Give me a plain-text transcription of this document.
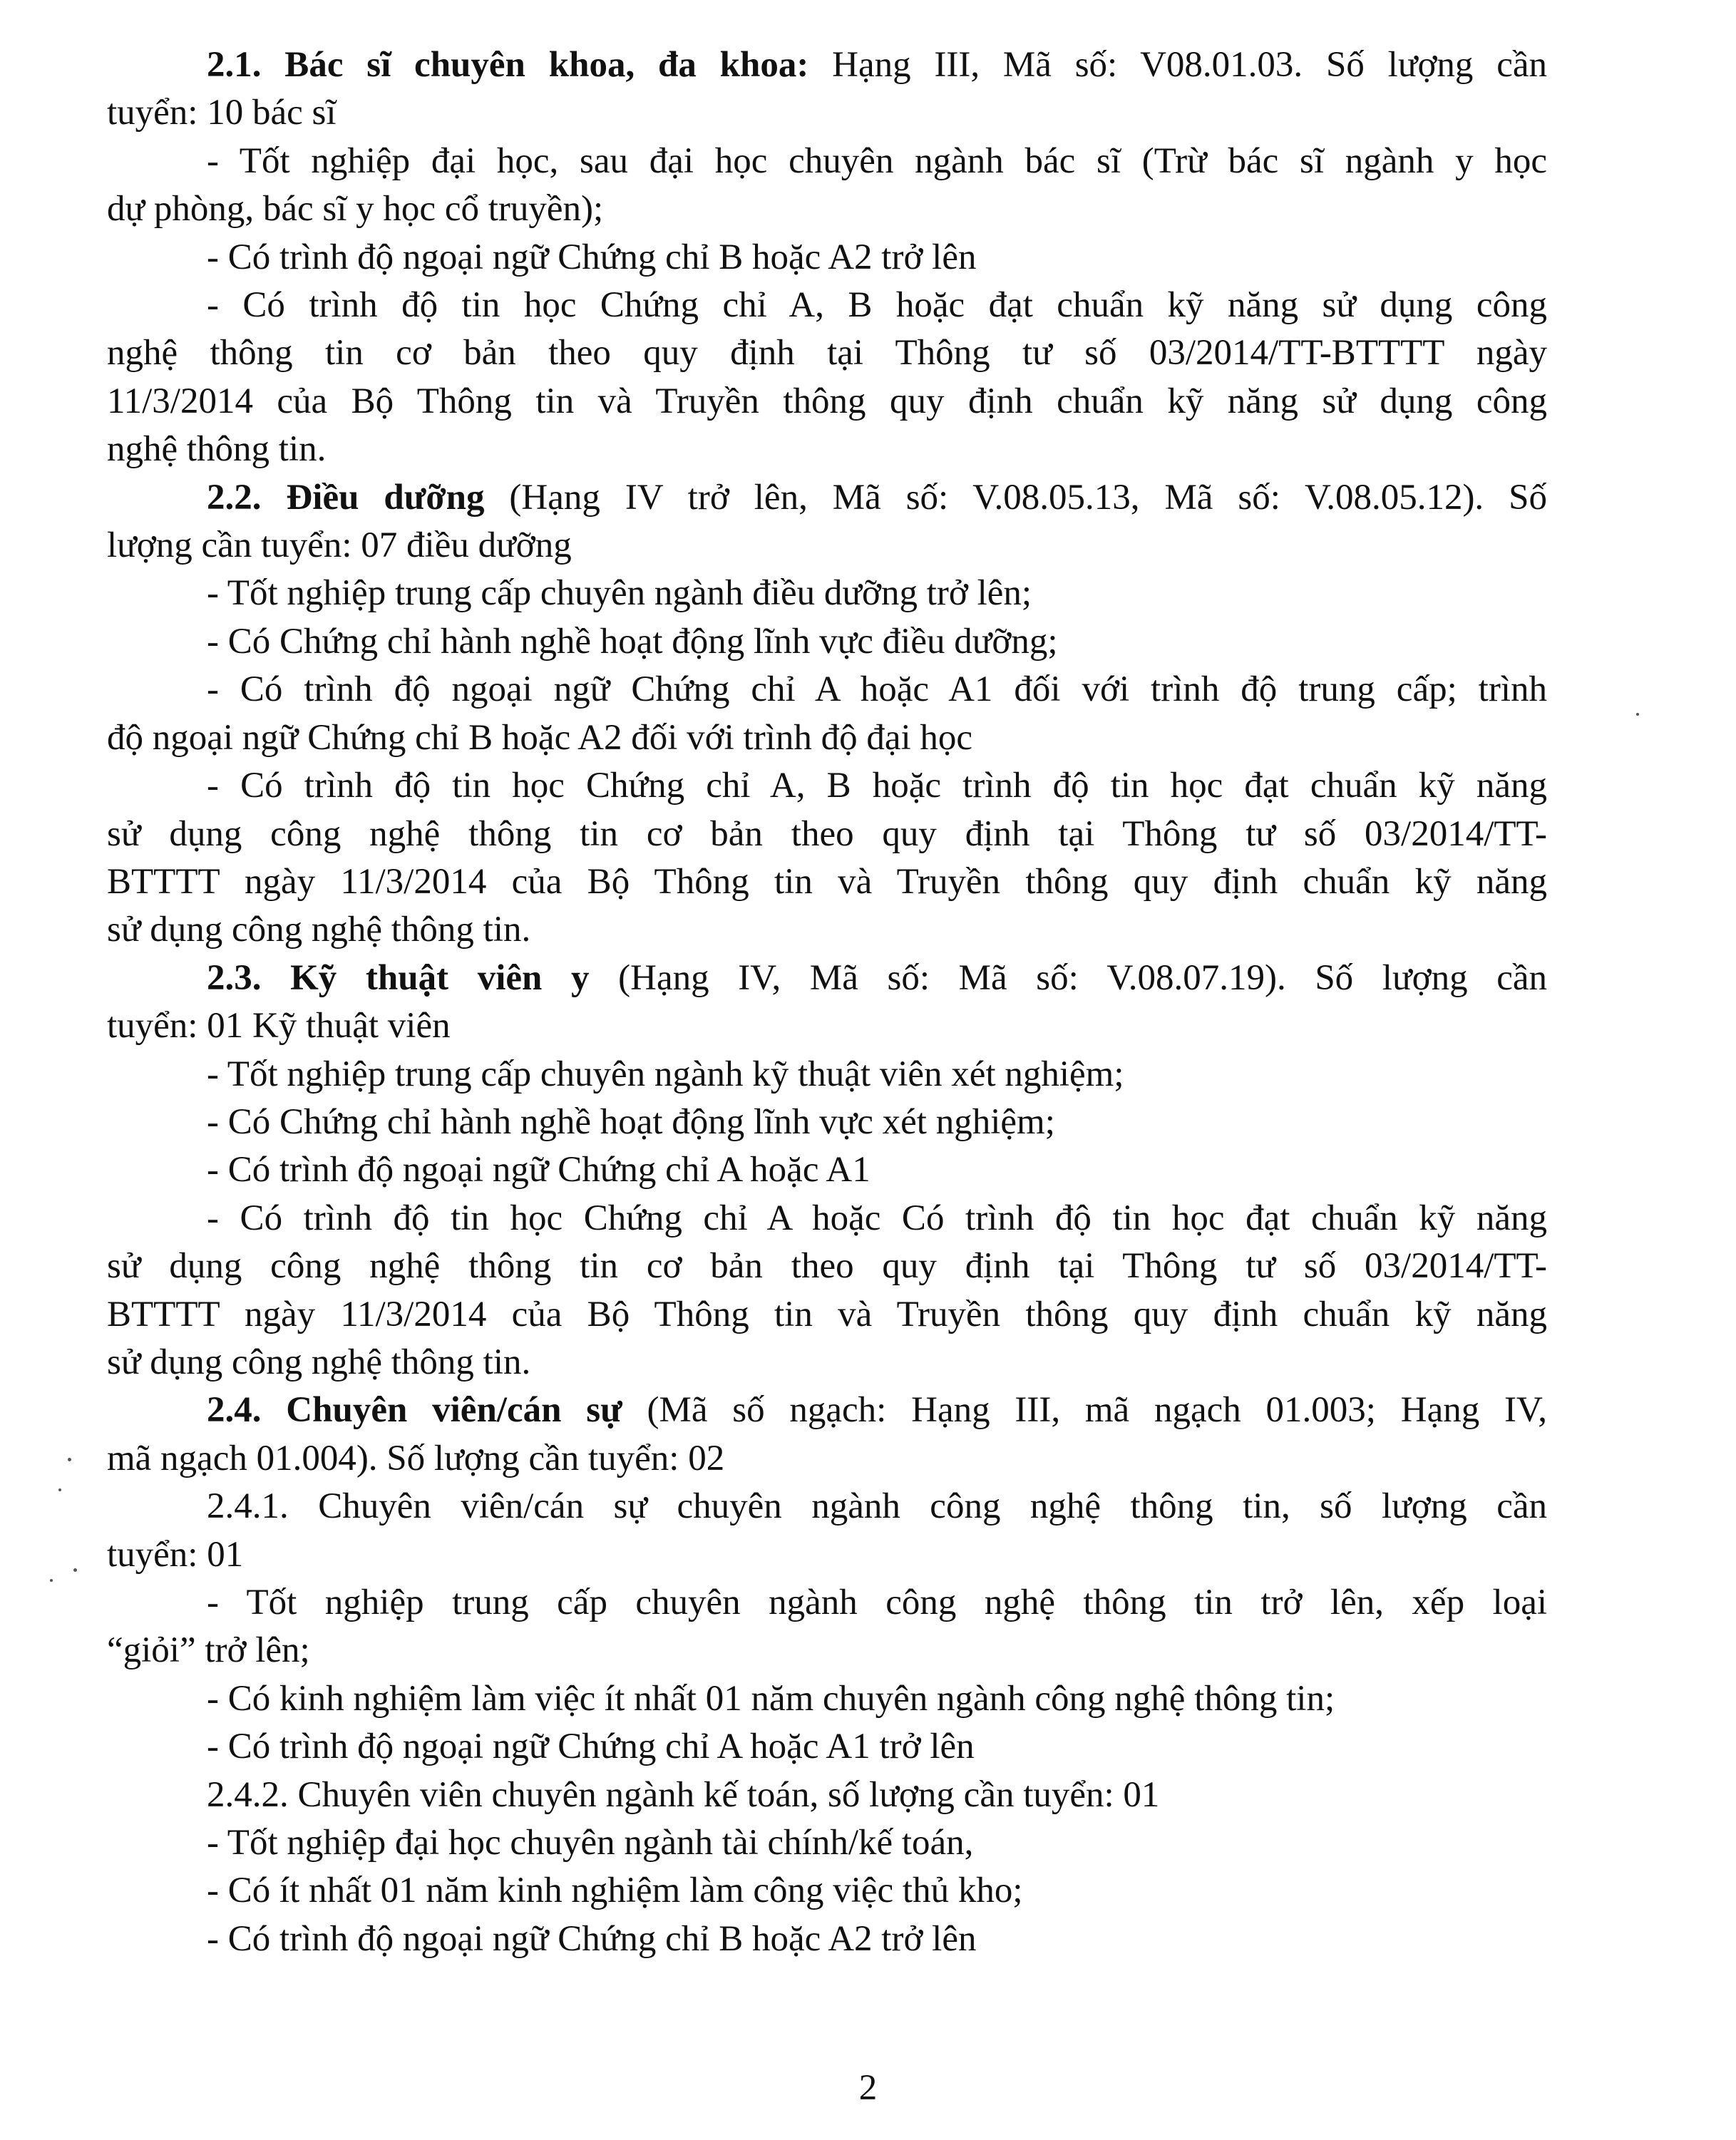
2.1. Bác sĩ chuyên khoa, đa khoa: Hạng III, Mã số: V08.01.03. Số lượng cần

tuyển: 10 bác sĩ

- Tốt nghiệp đại học, sau đại học chuyên ngành bác sĩ (Trừ bác sĩ ngành y học

dự phòng, bác sĩ y học cổ truyền);

- Có trình độ ngoại ngữ Chứng chỉ B hoặc A2 trở lên

- Có trình độ tin học Chứng chỉ A, B hoặc đạt chuẩn kỹ năng sử dụng công

nghệ thông tin cơ bản theo quy định tại Thông tư số 03/2014/TT-BTTTT ngày

11/3/2014 của Bộ Thông tin và Truyền thông quy định chuẩn kỹ năng sử dụng công

nghệ thông tin.

2.2. Điều dưỡng (Hạng IV trở lên, Mã số: V.08.05.13, Mã số: V.08.05.12). Số

lượng cần tuyển: 07 điều dưỡng

- Tốt nghiệp trung cấp chuyên ngành điều dưỡng trở lên;

- Có Chứng chỉ hành nghề hoạt động lĩnh vực điều dưỡng;

- Có trình độ ngoại ngữ Chứng chỉ A hoặc A1 đối với trình độ trung cấp; trình

độ ngoại ngữ Chứng chỉ B hoặc A2 đối với trình độ đại học

- Có trình độ tin học Chứng chỉ A, B hoặc trình độ tin học đạt chuẩn kỹ năng

sử dụng công nghệ thông tin cơ bản theo quy định tại Thông tư số 03/2014/TT-

BTTTT ngày 11/3/2014 của Bộ Thông tin và Truyền thông quy định chuẩn kỹ năng

sử dụng công nghệ thông tin.

2.3. Kỹ thuật viên y (Hạng IV, Mã số: Mã số: V.08.07.19). Số lượng cần

tuyển: 01 Kỹ thuật viên

- Tốt nghiệp trung cấp chuyên ngành kỹ thuật viên xét nghiệm;

- Có Chứng chỉ hành nghề hoạt động lĩnh vực xét nghiệm;

- Có trình độ ngoại ngữ Chứng chỉ A hoặc A1

- Có trình độ tin học Chứng chỉ A hoặc Có trình độ tin học đạt chuẩn kỹ năng

sử dụng công nghệ thông tin cơ bản theo quy định tại Thông tư số 03/2014/TT-

BTTTT ngày 11/3/2014 của Bộ Thông tin và Truyền thông quy định chuẩn kỹ năng

sử dụng công nghệ thông tin.

2.4. Chuyên viên/cán sự (Mã số ngạch: Hạng III, mã ngạch 01.003; Hạng IV,

mã ngạch 01.004). Số lượng cần tuyển: 02

2.4.1. Chuyên viên/cán sự chuyên ngành công nghệ thông tin, số lượng cần

tuyển: 01

- Tốt nghiệp trung cấp chuyên ngành công nghệ thông tin trở lên, xếp loại

“giỏi” trở lên;

- Có kinh nghiệm làm việc ít nhất 01 năm chuyên ngành công nghệ thông tin;

- Có trình độ ngoại ngữ Chứng chỉ A hoặc A1 trở lên

2.4.2. Chuyên viên chuyên ngành kế toán, số lượng cần tuyển: 01

- Tốt nghiệp đại học chuyên ngành tài chính/kế toán,

- Có ít nhất 01 năm kinh nghiệm làm công việc thủ kho;

- Có trình độ ngoại ngữ Chứng chỉ B hoặc A2 trở lên

2
